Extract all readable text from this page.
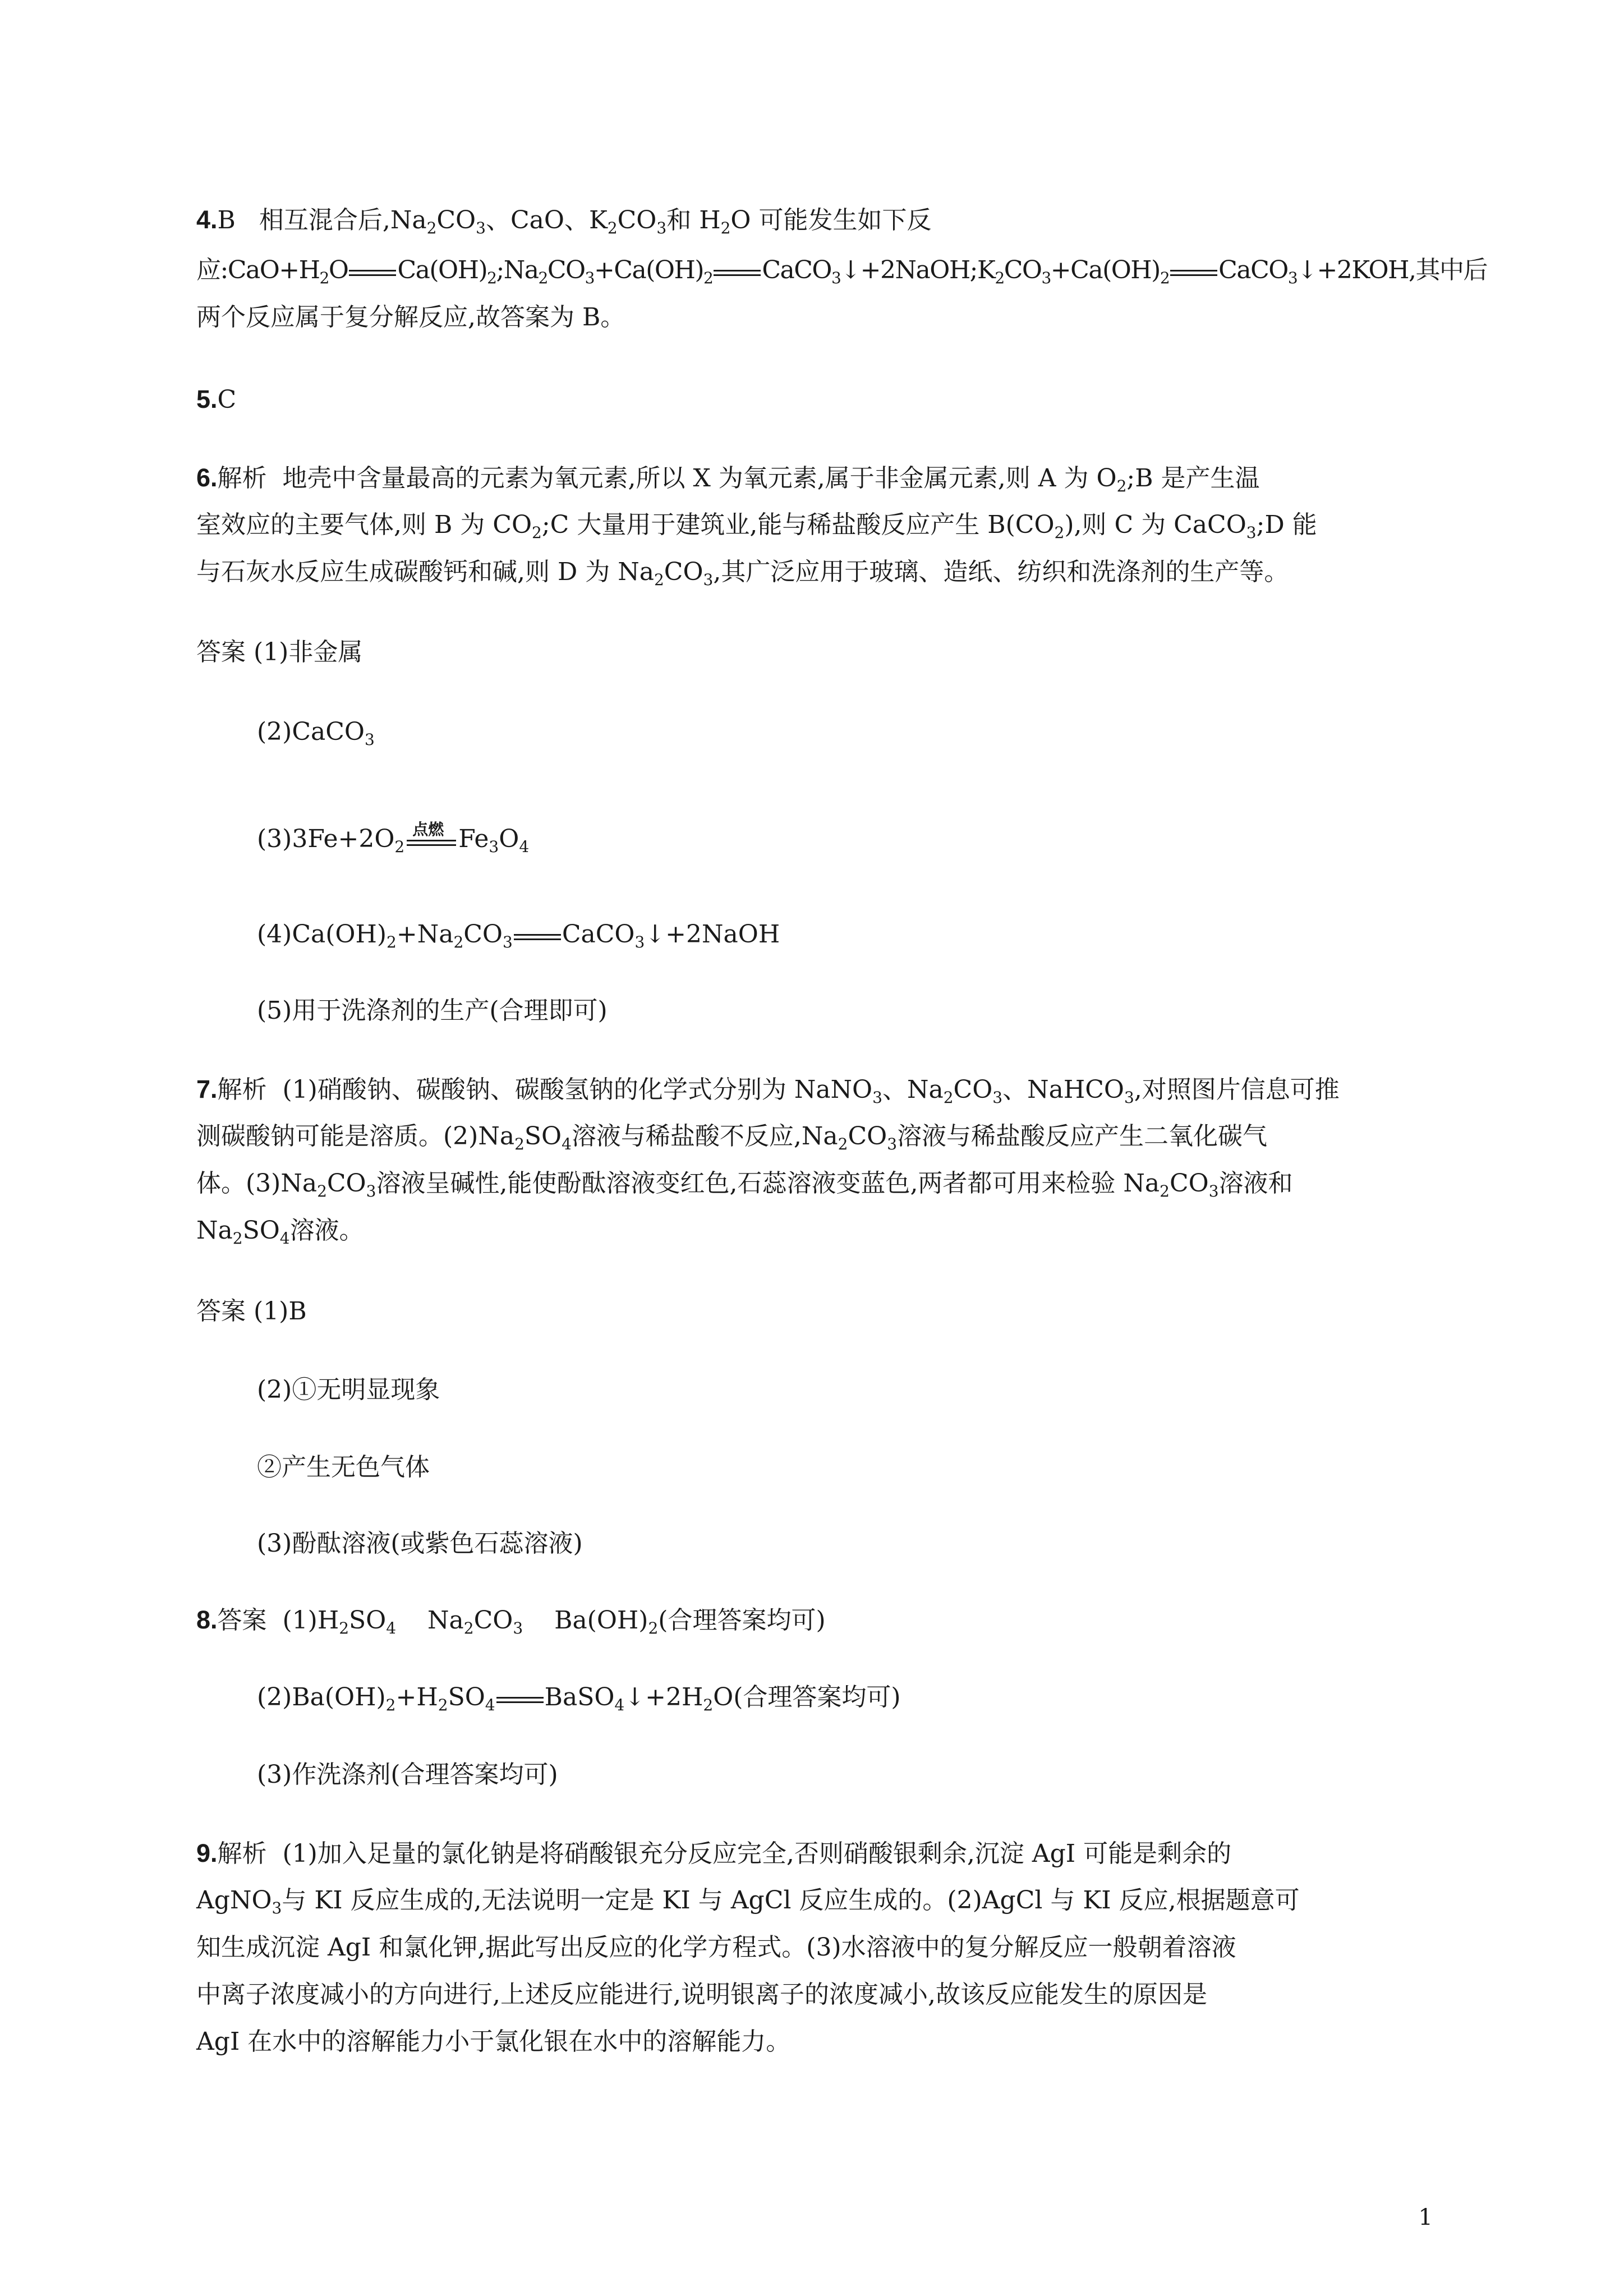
4.B 相互混合后$,Na_2CO_3$、CaO、$K_2CO_3$和 $H_2O$ 可能发生如下反
应$:CaO+H_2O$ $Ca(OH)_2;Na_2CO_3+Ca(OH)_2$ $CaCO_3↓+2NaOH;K_2CO_3+Ca(OH)_2$ CaCO$_3$↓+2KOH,其中后
两个反应属于复分解反应,故答案为 B。
5.C
6.解析 地壳中含量最高的元素为氧元素,所以 X 为氧元素,属于非金属元素,则 A 为 $O_2;B$ 是产生温
室效应的主要气体,则 B 为 $CO_2;C$ 大量用于建筑业,能与稀盐酸反应产生 $B(CO_2)$,则 C 为 CaCO$_3$;D 能
与石灰水反应生成碳酸钙和碱,则 D 为 $Na_2CO_3$,其广泛应用于玻璃、造纸、纺织和洗涤剂的生产等。
答案 (1)非金属
(2)CaCO$_3$
$(3)3Fe+2O_2$
点燃 $Fe_3O_4$
$(4)Ca(OH)_2+Na_2CO_3$ CaCO$_3$↓+2NaOH
(5)用于洗涤剂的生产(合理即可)
7.解析 (1)硝酸钠、碳酸钠、碳酸氢钠的化学式分别为 NaNO$_3$、$Na_2CO_3$、NaHCO$_3$,对照图片信息可推
测碳酸钠可能是溶质。$(2)Na_2SO_4$溶液与稀盐酸不反应$,Na_2CO_3$溶液与稀盐酸反应产生二氧化碳气
体。$(3)Na_2CO_3$溶液呈碱性,能使酚酞溶液变红色,石蕊溶液变蓝色,两者都可用来检验 $Na_2CO_3$溶液和
$Na_2SO_4$溶液。
答案 (1)B
(2)①无明显现象
②产生无色气体
(3)酚酞溶液(或紫色石蕊溶液)
8.答案  $(1)H_2SO_4$    $Na_2CO_3$    $Ba(OH)_2$(合理答案均可)
$(2)Ba(OH)_2+H_2SO_4$ $BaSO_4↓+2H_2O$(合理答案均可)
(3)作洗涤剂(合理答案均可)
9.解析 (1)加入足量的氯化钠是将硝酸银充分反应完全,否则硝酸银剩余,沉淀 AgI 可能是剩余的
AgNO$_3$与 KI 反应生成的,无法说明一定是 KI 与 AgCl 反应生成的。(2)AgCl 与 KI 反应,根据题意可
知生成沉淀 AgI 和氯化钾,据此写出反应的化学方程式。(3)水溶液中的复分解反应一般朝着溶液
中离子浓度减小的方向进行,上述反应能进行,说明银离子的浓度减小,故该反应能发生的原因是
AgI 在水中的溶解能力小于氯化银在水中的溶解能力。
1
